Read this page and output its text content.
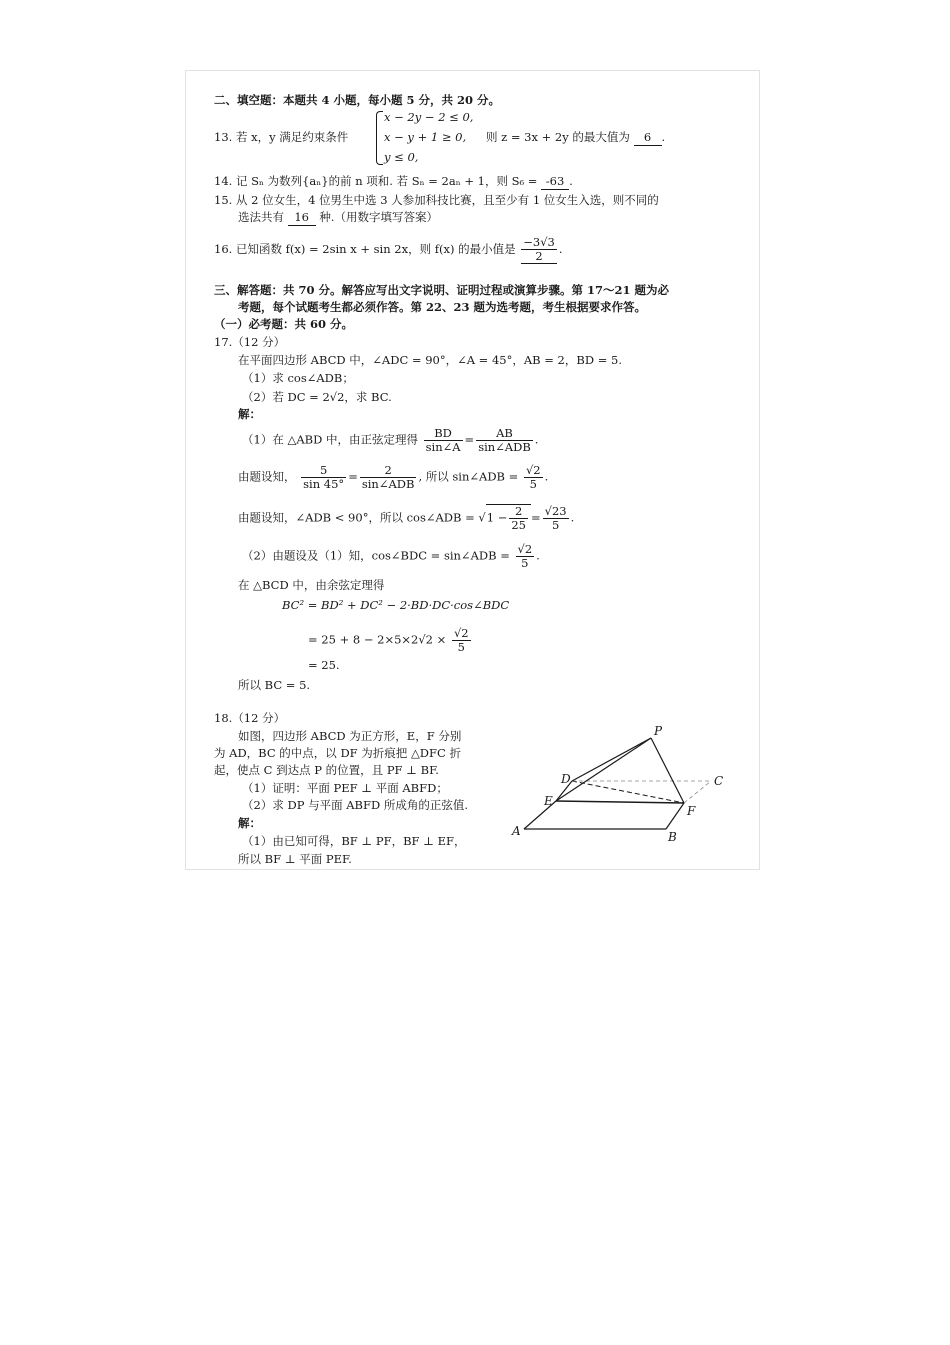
二、填空题：本题共 4 小题，每小题 5 分，共 20 分。
13. 若 x，y 满足约束条件
x − 2y − 2 ≤ 0,
x − y + 1 ≥ 0,
y ≤ 0,
则 z = 3x + 2y 的最大值为 6 .
14. 记 Sₙ 为数列{aₙ}的前 n 项和. 若 Sₙ = 2aₙ + 1，则 S₆ = -63 .
15. 从 2 位女生，4 位男生中选 3 人参加科技比赛，且至少有 1 位女生入选，则不同的
选法共有 16 种.（用数字填写答案）
16. 已知函数 f(x) = 2sin x + sin 2x，则 f(x) 的最小值是 $\frac{-3√3}{2}$ .
三、解答题：共 70 分。解答应写出文字说明、证明过程或演算步骤。第 17～21 题为必
考题，每个试题考生都必须作答。第 22、23 题为选考题，考生根据要求作答。
（一）必考题：共 60 分。
17.（12 分）
在平面四边形 ABCD 中，∠ADC = 90°，∠A = 45°，AB = 2，BD = 5.
（1）求 cos∠ADB；
（2）若 DC = 2√2，求 BC.
解：
（1）在 △ABD 中，由正弦定理得 $\frac{BD}{\sin\angle A} = \frac{AB}{\text{sin∠ADB}}$ .
由题设知， $\frac{5}{\sin 45^\circ} = \frac{2}{\text{sin∠ADB}}$ , 所以 sin∠ADB = $\frac{√2}{5}$ .
由题设知，∠ADB < 90°，所以 cos∠ADB = $√1 - \frac{2}{25} = \frac{√23}{5}$ .
（2）由题设及（1）知，cos∠BDC = sin∠ADB = $\frac{√2}{5}$ .
在 △BCD 中，由余弦定理得
BC² = BD² + DC² − 2·BD·DC·cos∠BDC
= $25 + 8 - 2\times 5\times 2√2 \times \frac{√2}{5}$
= 25.
所以 BC = 5.
18.（12 分）
如图，四边形 ABCD 为正方形，E，F 分别
为 AD，BC 的中点，以 DF 为折痕把 △DFC 折
起，使点 C 到达点 P 的位置，且 PF ⊥ BF.
（1）证明：平面 PEF ⊥ 平面 ABFD；
（2）求 DP 与平面 ABFD 所成角的正弦值.
解：
（1）由已知可得，BF ⊥ PF，BF ⊥ EF，
所以 BF ⊥ 平面 PEF.
P
D	C
E
F
A	B
